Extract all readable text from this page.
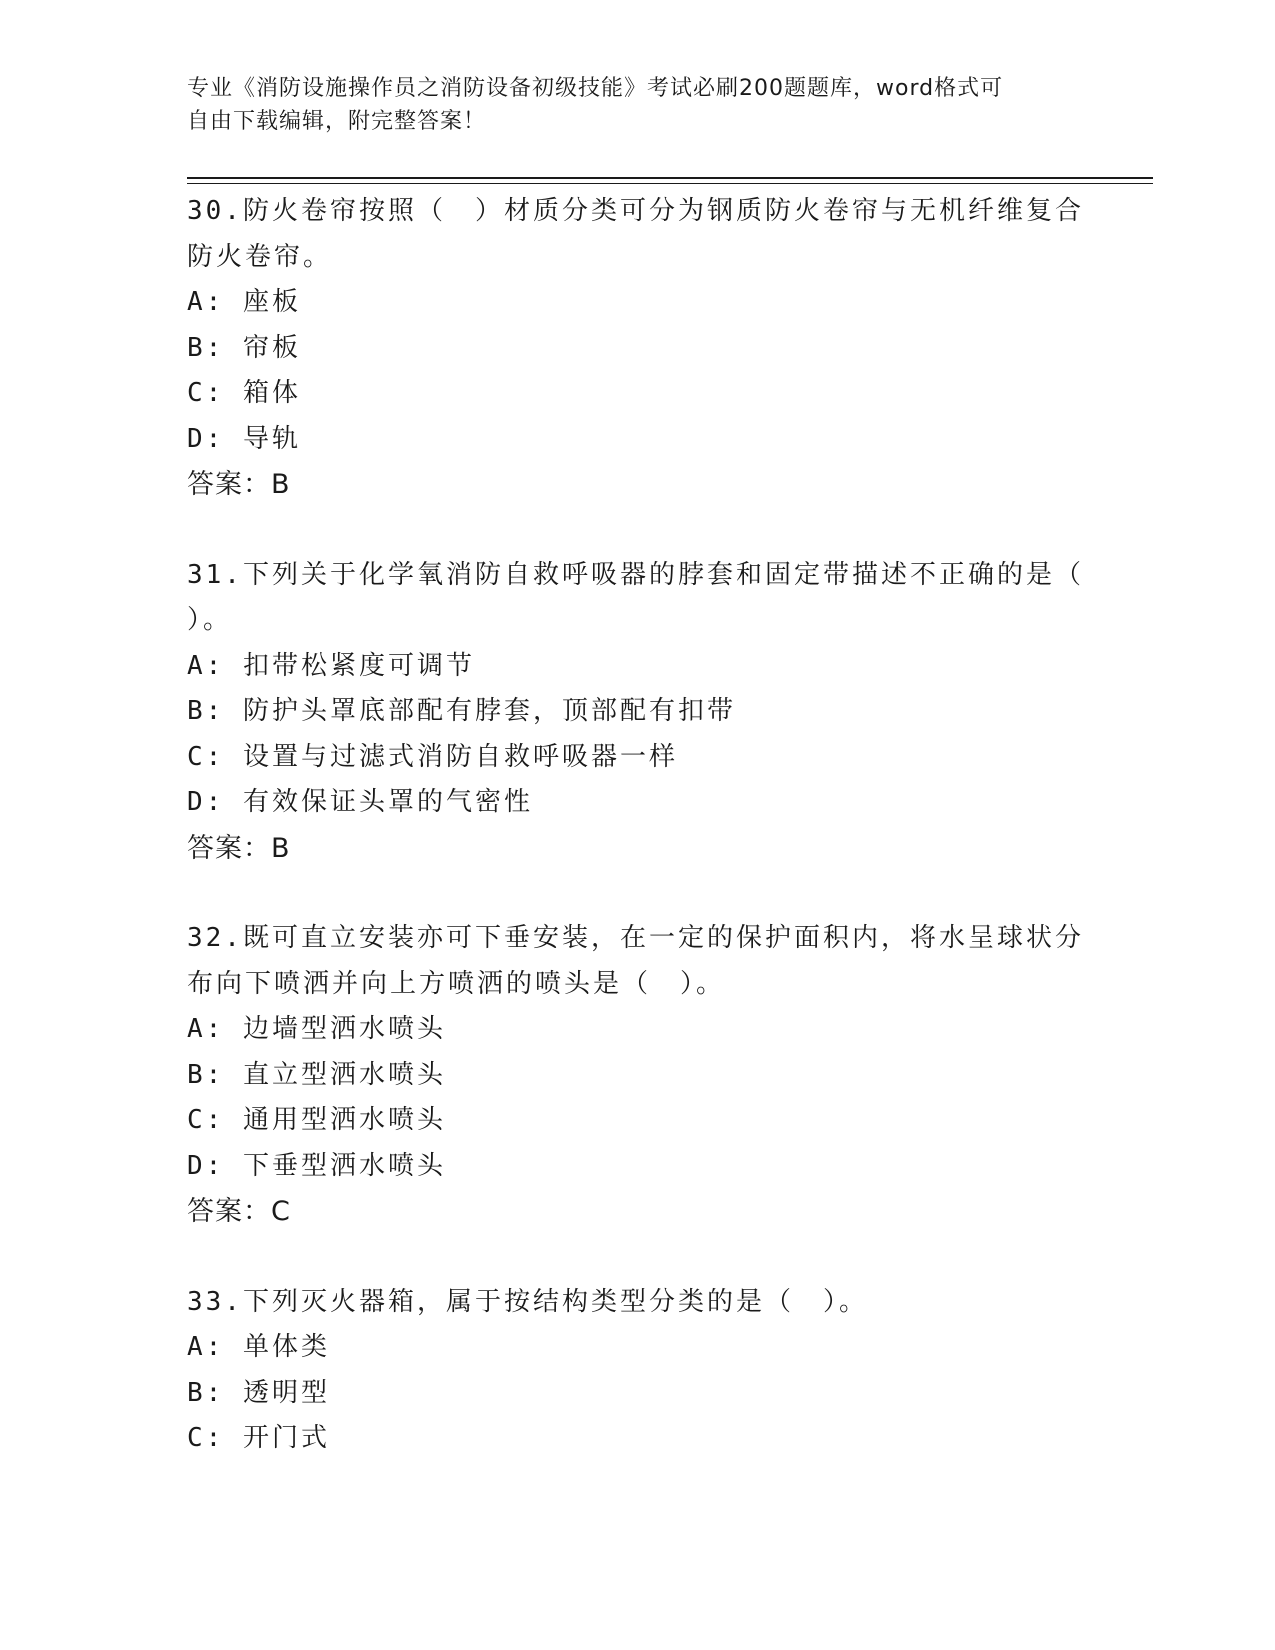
专业《消防设施操作员之消防设备初级技能》考试必刷200题题库，word格式可
自由下载编辑，附完整答案！

30.防火卷帘按照（　）材质分类可分为钢质防火卷帘与无机纤维复合

防火卷帘。

A: 座板

B: 帘板

C: 箱体

D: 导轨

答案：B

31.下列关于化学氧消防自救呼吸器的脖套和固定带描述不正确的是（

）。

A: 扣带松紧度可调节

B: 防护头罩底部配有脖套，顶部配有扣带

C: 设置与过滤式消防自救呼吸器一样

D: 有效保证头罩的气密性

答案：B

32.既可直立安装亦可下垂安装，在一定的保护面积内，将水呈球状分

布向下喷洒并向上方喷洒的喷头是（　）。

A: 边墙型洒水喷头

B: 直立型洒水喷头

C: 通用型洒水喷头

D: 下垂型洒水喷头

答案：C

33.下列灭火器箱，属于按结构类型分类的是（　）。

A: 单体类

B: 透明型

C: 开门式
